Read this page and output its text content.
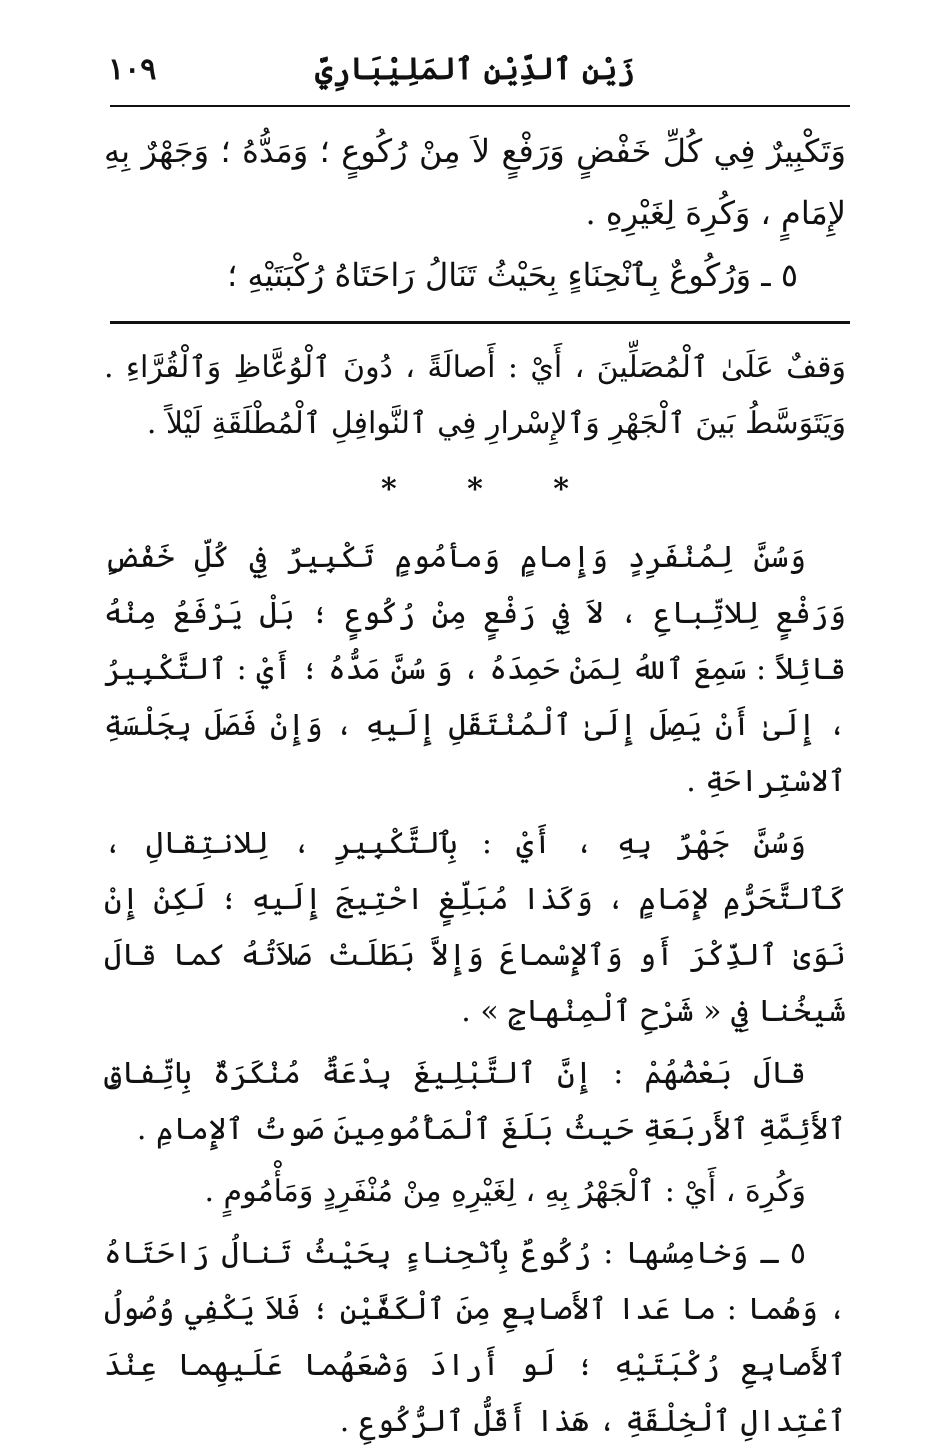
١٠٩	زَيْن ٱلدِّيْنِ ٱلمَلِيْبَارِيّ

وَتَكْبِيرٌ فِي كُلِّ خَفْضٍ وَرَفْعٍ لاَ مِنْ رُكُوعٍ ؛ وَمَدُّهُ ؛ وَجَهْرٌ بِهِ لإِمَامٍ ، وَكُرِهَ لِغَيْرِهِ .

٥ ـ وَرُكُوعٌ بِٱنْحِنَاءٍ بِحَيْثُ تَنَالُ رَاحَتَاهُ رُكْبَتَيْهِ ؛

وَقفٌ عَلَىٰ ٱلْمُصَلِّينَ ، أَيْ : أَصالَةً ، دُونَ ٱلْوُعَّاظِ وَٱلْقُرَّاءِ . وَيَتَوَسَّطُ بَينَ ٱلْجَهْرِ وَٱلإِسْرارِ فِي ٱلنَّوافِلِ ٱلْمُطْلَقَةِ لَيْلاً .

* * *

وَسُنَّ لِمُنْفَرِدٍ وَإِمامٍ وَمأمُومٍ تَكْبِيرٌ فِي كُلِّ خَفْضٍ وَرَفْعٍ لِلاتِّباعِ ، لاَ فِي رَفْعٍ مِنْ رُكُوعٍ ؛ بَلْ يَرْفَعُ مِنْهُ قائِلاً : سَمِعَ ٱللهُ لِمَنْ حَمِدَهُ ، وَ سُنَّ مَدُّهُ ؛ أَيْ : ٱلتَّكْبِيرُ ، إِلَىٰ أَنْ يَصِلَ إِلَىٰ ٱلْمُنْتَقَلِ إِلَيهِ ، وَإِنْ فَصَلَ بِجَلْسَةِ ٱلاسْتِراحَةِ .

وَسُنَّ جَهْرٌ بِهِ ، أَيْ : بِٱلتَّكْبِيرِ ، لِلانتِقالِ ، كَٱلتَّحَرُّمِ لإِمَامٍ ، وَكَذا مُبَلِّغٍ احْتِيجَ إِلَيهِ ؛ لَكِنْ إِنْ نَوَىٰ ٱلذِّكْرَ أَو وَٱلإِسْماعَ وَإِلاَّ بَطَلَتْ صَلاَتُهُ كما قالَ شَيخُنا فِي « شَرْحِ ٱلْمِنْهاجِ » .

قالَ بَعْضُهُمْ : إِنَّ ٱلتَّبْلِيغَ بِدْعَةٌ مُنْكَرَةٌ بِاتِّفاقِ ٱلأَئِمَّةِ ٱلأَربَعَةِ حَيثُ بَلَغَ ٱلْمَأْمُومِينَ صَوتُ ٱلإِمامِ .

وَكُرِهَ ، أَيْ : ٱلْجَهْرُ بِهِ ، لِغَيْرِهِ مِنْ مُنْفَرِدٍ وَمَأْمُومٍ .

٥ ـ وَخامِسُها : رُكُوعٌ بِٱنْحِناءٍ بِحَيْثُ تَنالُ رَاحَتَاهُ ، وَهُما : ما عَدا ٱلأَصابِعِ مِنَ ٱلْكَفَّيْنِ ؛ فَلاَ يَكْفِي وُصُولُ ٱلأَصابِعِ رُكْبَتَيْهِ ؛ لَو أَرادَ وَضْعَهُما عَلَيهِما عِنْدَ ٱعْتِدالِ ٱلْخِلْقَةِ ، هَذا أَقَلُّ ٱلرُّكُوعِ .
